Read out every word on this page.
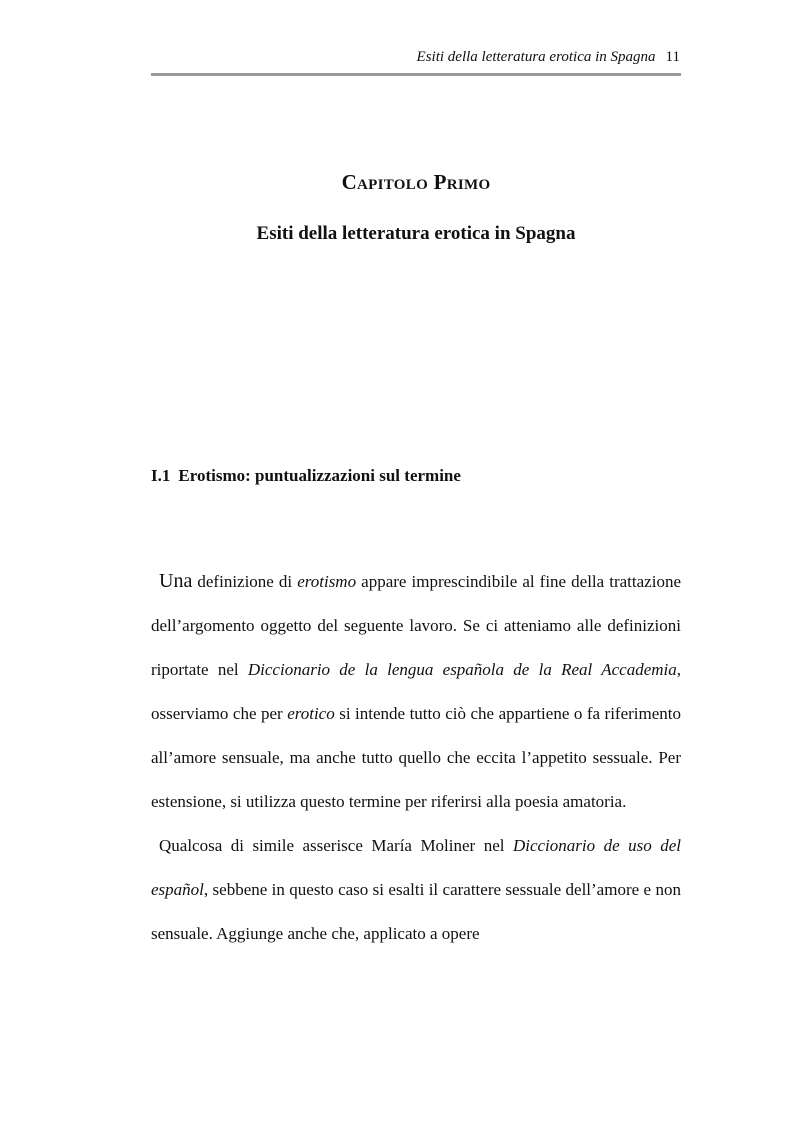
Esiti della letteratura erotica in Spagna 11
Capitolo Primo
Esiti della letteratura erotica in Spagna
I.1 Erotismo: puntualizzazioni sul termine

Una definizione di erotismo appare imprescindibile al fine della trattazione dell’argomento oggetto del seguente lavoro. Se ci atteniamo alle definizioni riportate nel Diccionario de la lengua española de la Real Accademia, osserviamo che per erotico si intende tutto ciò che appartiene o fa riferimento all’amore sensuale, ma anche tutto quello che eccita l’appetito sessuale. Per estensione, si utilizza questo termine per riferirsi alla poesia amatoria.

Qualcosa di simile asserisce María Moliner nel Diccionario de uso del español, sebbene in questo caso si esalti il carattere sessuale dell’amore e non sensuale. Aggiunge anche che, applicato a opere
